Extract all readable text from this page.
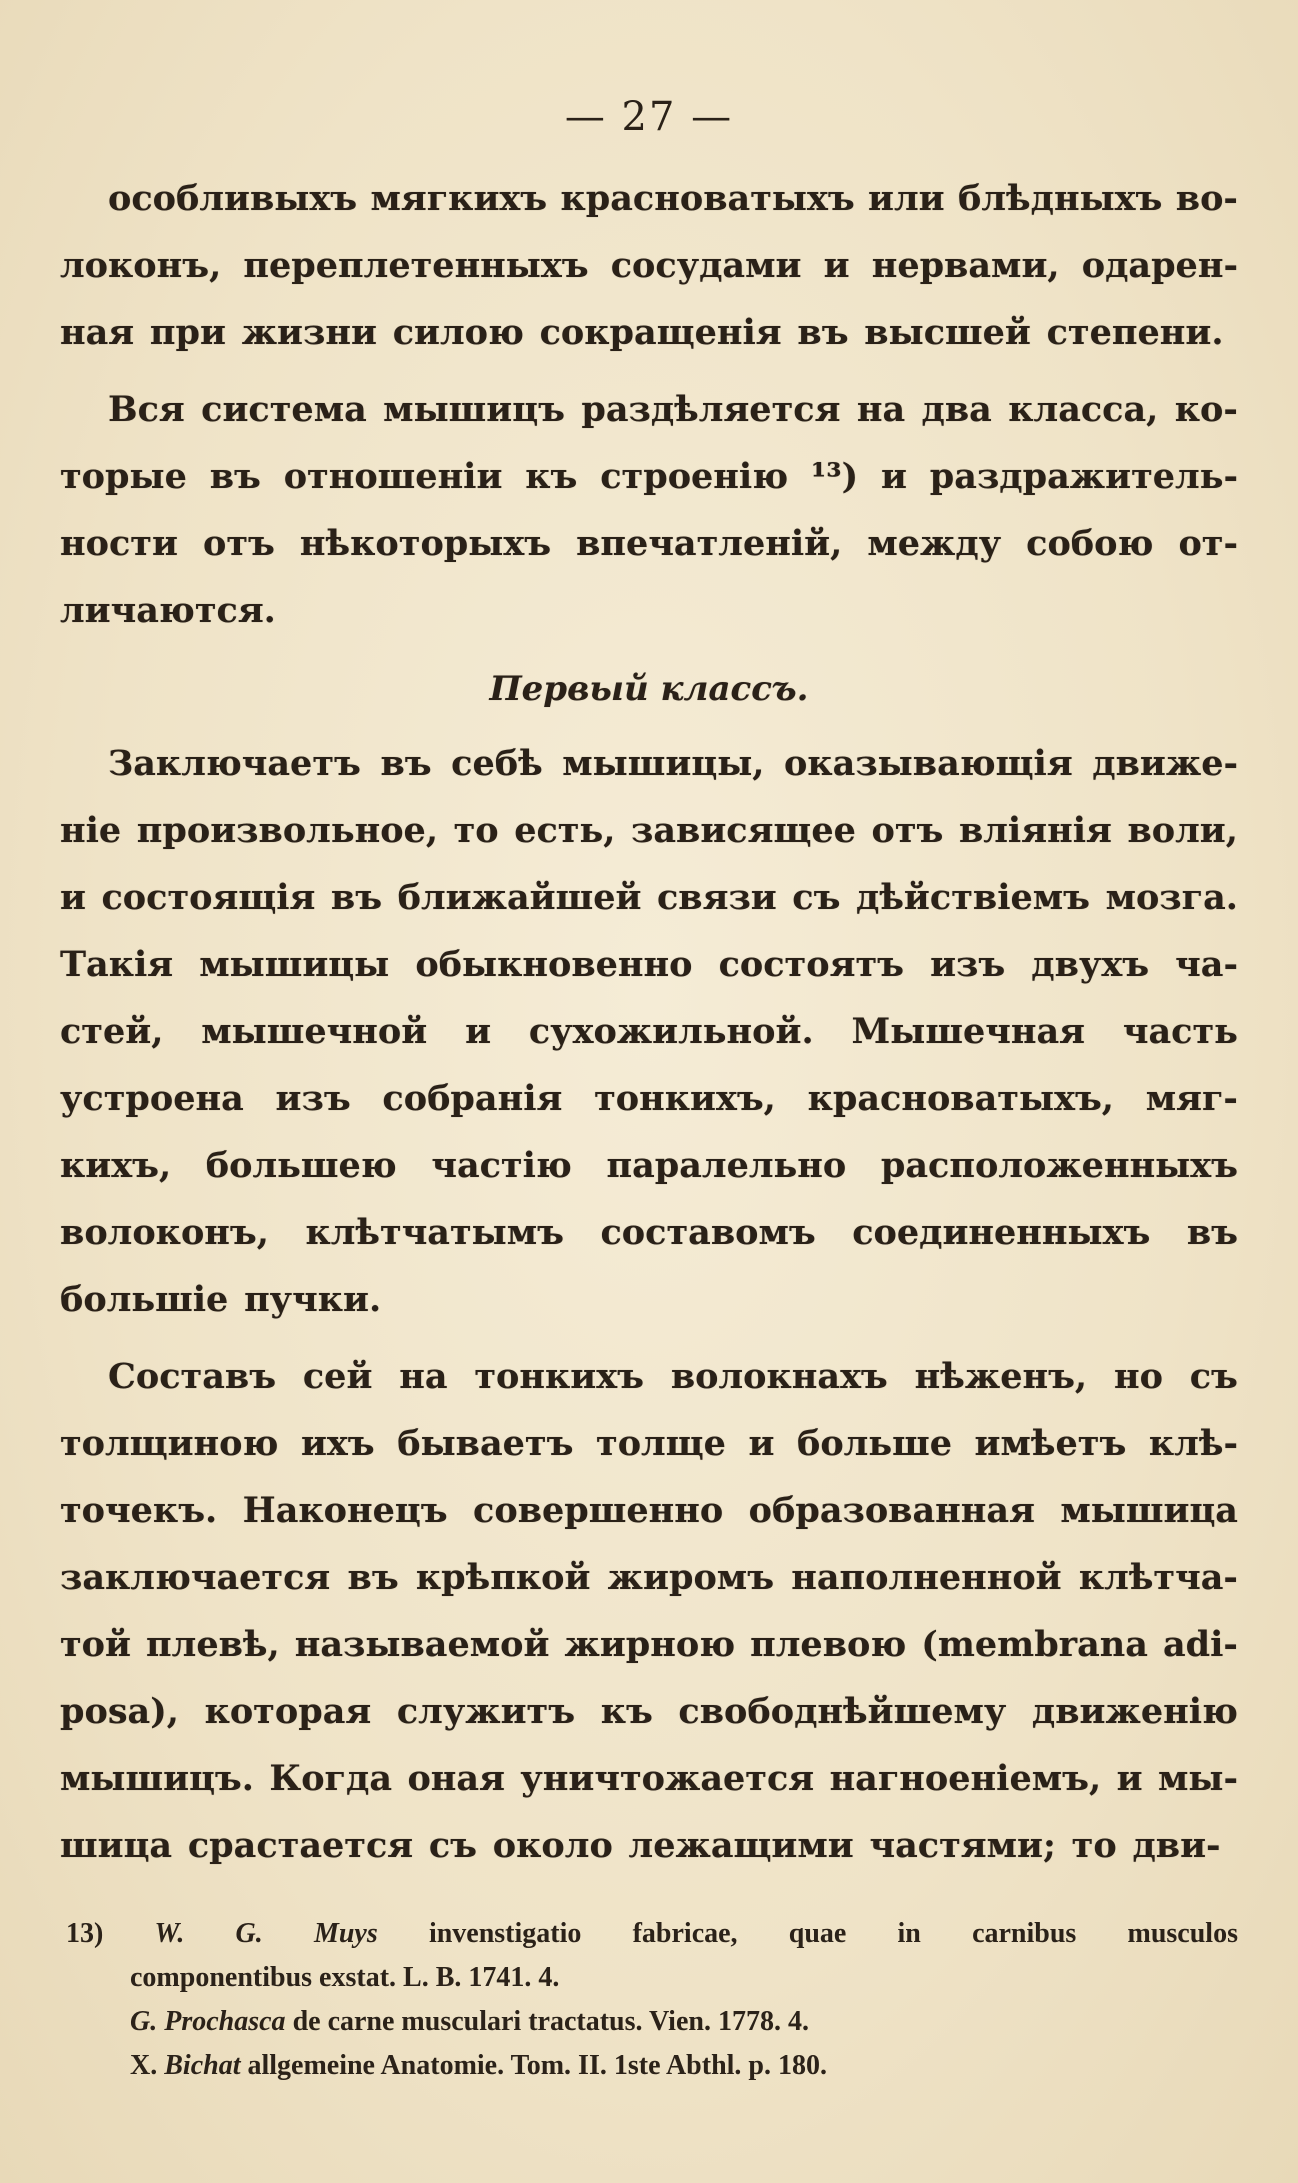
— 27 —
особливыхъ мягкихъ красноватыхъ или блѣдныхъ во-
локонъ, переплетенныхъ сосудами и нервами, одарен-
ная при жизни силою сокращенія въ высшей степени.
Вся система мышицъ раздѣляется на два класса, ко-
торые въ отношеніи къ строенію ¹³) и раздражитель-
ности отъ нѣкоторыхъ впечатленій, между собою от-
личаются.
Первый классъ.
Заключаетъ въ себѣ мышицы, оказывающія движе-
ніе произвольное, то есть, зависящее отъ вліянія воли,
и состоящія въ ближайшей связи съ дѣйствіемъ мозга.
Такія мышицы обыкновенно состоятъ изъ двухъ ча-
стей, мышечной и сухожильной. Мышечная часть
устроена изъ собранія тонкихъ, красноватыхъ, мяг-
кихъ, большею частію паралельно расположенныхъ
волоконъ, клѣтчатымъ составомъ соединенныхъ въ
большіе пучки.
Составъ сей на тонкихъ волокнахъ нѣженъ, но съ
толщиною ихъ бываетъ толще и больше имѣетъ клѣ-
точекъ. Наконецъ совершенно образованная мышица
заключается въ крѣпкой жиромъ наполненной клѣтча-
той плевѣ, называемой жирною плевою (membrana adi-
posa), которая служитъ къ свободнѣйшему движенію
мышицъ. Когда оная уничтожается нагноеніемъ, и мы-
шица срастается съ около лежащими частями; то дви-
13) W. G. Muys invenstigatio fabricae, quae in carnibus musculos
componentibus exstat. L. B. 1741. 4.
G. Prochasca de carne musculari tractatus. Vien. 1778. 4.
X. Bichat allgemeine Anatomie. Tom. II. 1ste Abthl. p. 180.
